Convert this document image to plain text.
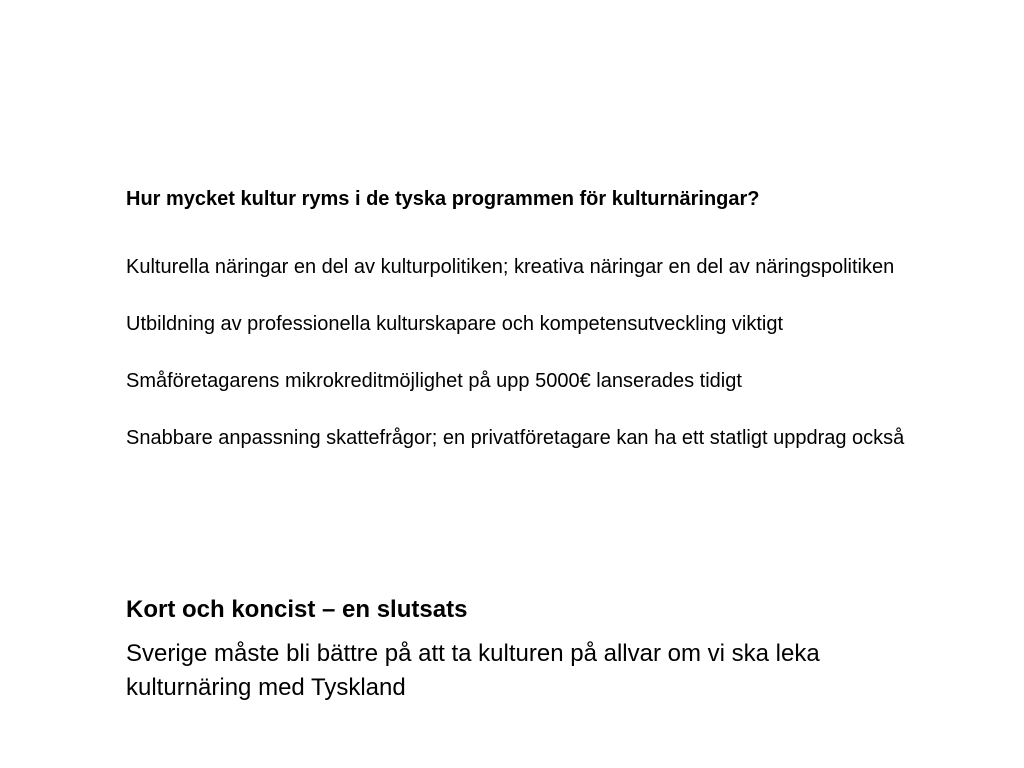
Hur mycket kultur ryms i de tyska programmen för kulturnäringar?
Kulturella näringar en del av kulturpolitiken; kreativa näringar en del av näringspolitiken
Utbildning av professionella kulturskapare och kompetensutveckling viktigt
Småföretagarens mikrokreditmöjlighet på upp 5000€ lanserades tidigt
Snabbare anpassning skattefrågor; en privatföretagare kan ha ett statligt uppdrag också
Kort och koncist – en slutsats
Sverige måste bli bättre på att ta kulturen på allvar om vi ska leka kulturnäring med Tyskland
